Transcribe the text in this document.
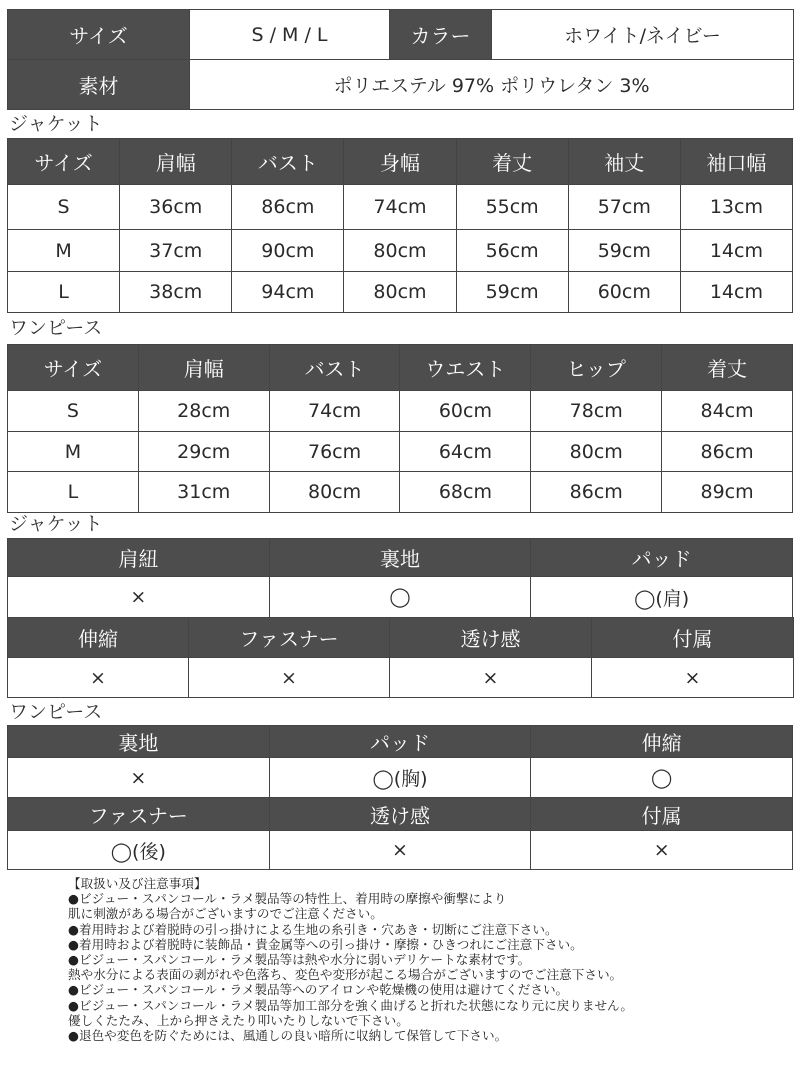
サイズ	S / M / L	カラー	ホワイト/ネイビー
素材	ポリエステル 97% ポリウレタン 3%		
ジャケット
サイズ	肩幅	バスト	身幅	着丈	袖丈	袖口幅
S	36cm	86cm	74cm	55cm	57cm	13cm
M	37cm	90cm	80cm	56cm	59cm	14cm
L	38cm	94cm	80cm	59cm	60cm	14cm
ワンピース
サイズ	肩幅	バスト	ウエスト	ヒップ	着丈
S	28cm	74cm	60cm	78cm	84cm
M	29cm	76cm	64cm	80cm	86cm
L	31cm	80cm	68cm	86cm	89cm
ジャケット
肩紐	裏地	パッド
×	◯	◯(肩)
伸縮	ファスナー	透け感	付属
×	×	×	×
ワンピース
裏地	パッド	伸縮
×	◯(胸)	◯
ファスナー	透け感	付属
◯(後)	×	×
【取扱い及び注意事項】
●ビジュー・スパンコール・ラメ製品等の特性上、着用時の摩擦や衝撃により
肌に刺激がある場合がございますのでご注意ください。
●着用時および着脱時の引っ掛けによる生地の糸引き・穴あき・切断にご注意下さい。
●着用時および着脱時に装飾品・貴金属等への引っ掛け・摩擦・ひきつれにご注意下さい。
●ビジュー・スパンコール・ラメ製品等は熱や水分に弱いデリケートな素材です。
熱や水分による表面の剥がれや色落ち、変色や変形が起こる場合がございますのでご注意下さい。
●ビジュー・スパンコール・ラメ製品等へのアイロンや乾燥機の使用は避けてください。
●ビジュー・スパンコール・ラメ製品等加工部分を強く曲げると折れた状態になり元に戻りません。
優しくたたみ、上から押さえたり叩いたりしないで下さい。
●退色や変色を防ぐためには、風通しの良い暗所に収納して保管して下さい。
